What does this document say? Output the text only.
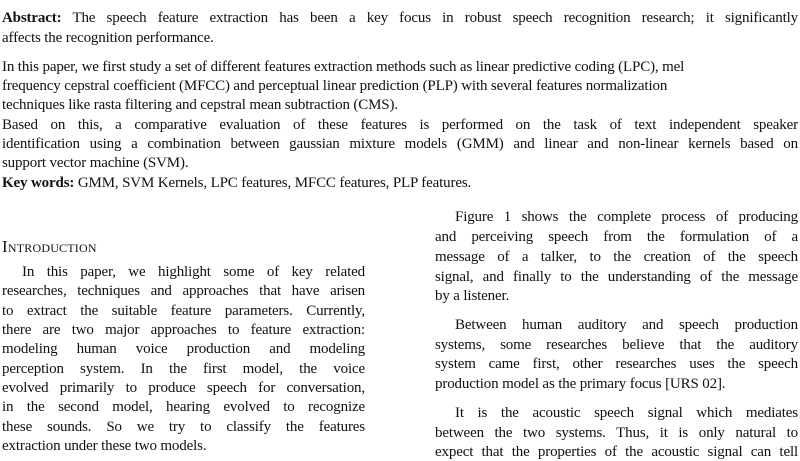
Abstract: The speech feature extraction has been a key focus in robust speech recognition research; it significantly
affects the recognition performance.
In this paper, we first study a set of different features extraction methods such as linear predictive coding (LPC), mel
frequency cepstral coefficient (MFCC) and perceptual linear prediction (PLP) with several features normalization
techniques like rasta filtering and cepstral mean subtraction (CMS).
Based on this, a comparative evaluation of these features is performed on the task of text independent speaker
identification using a combination between gaussian mixture models (GMM) and linear and non-linear kernels based on
support vector machine (SVM).
Key words: GMM, SVM Kernels, LPC features, MFCC features, PLP features.
Introduction
In this paper, we highlight some of key related
researches, techniques and approaches that have arisen
to extract the suitable feature parameters. Currently,
there are two major approaches to feature extraction:
modeling human voice production and modeling
perception system. In the first model, the voice
evolved primarily to produce speech for conversation,
in the second model, hearing evolved to recognize
these sounds. So we try to classify the features
extraction under these two models.
Figure 1 shows the complete process of producing
and perceiving speech from the formulation of a
message of a talker, to the creation of the speech
signal, and finally to the understanding of the message
by a listener.
Between human auditory and speech production
systems, some researches believe that the auditory
system came first, other researches uses the speech
production model as the primary focus [URS 02].
It is the acoustic speech signal which mediates
between the two systems. Thus, it is only natural to
expect that the properties of the acoustic signal can tell
